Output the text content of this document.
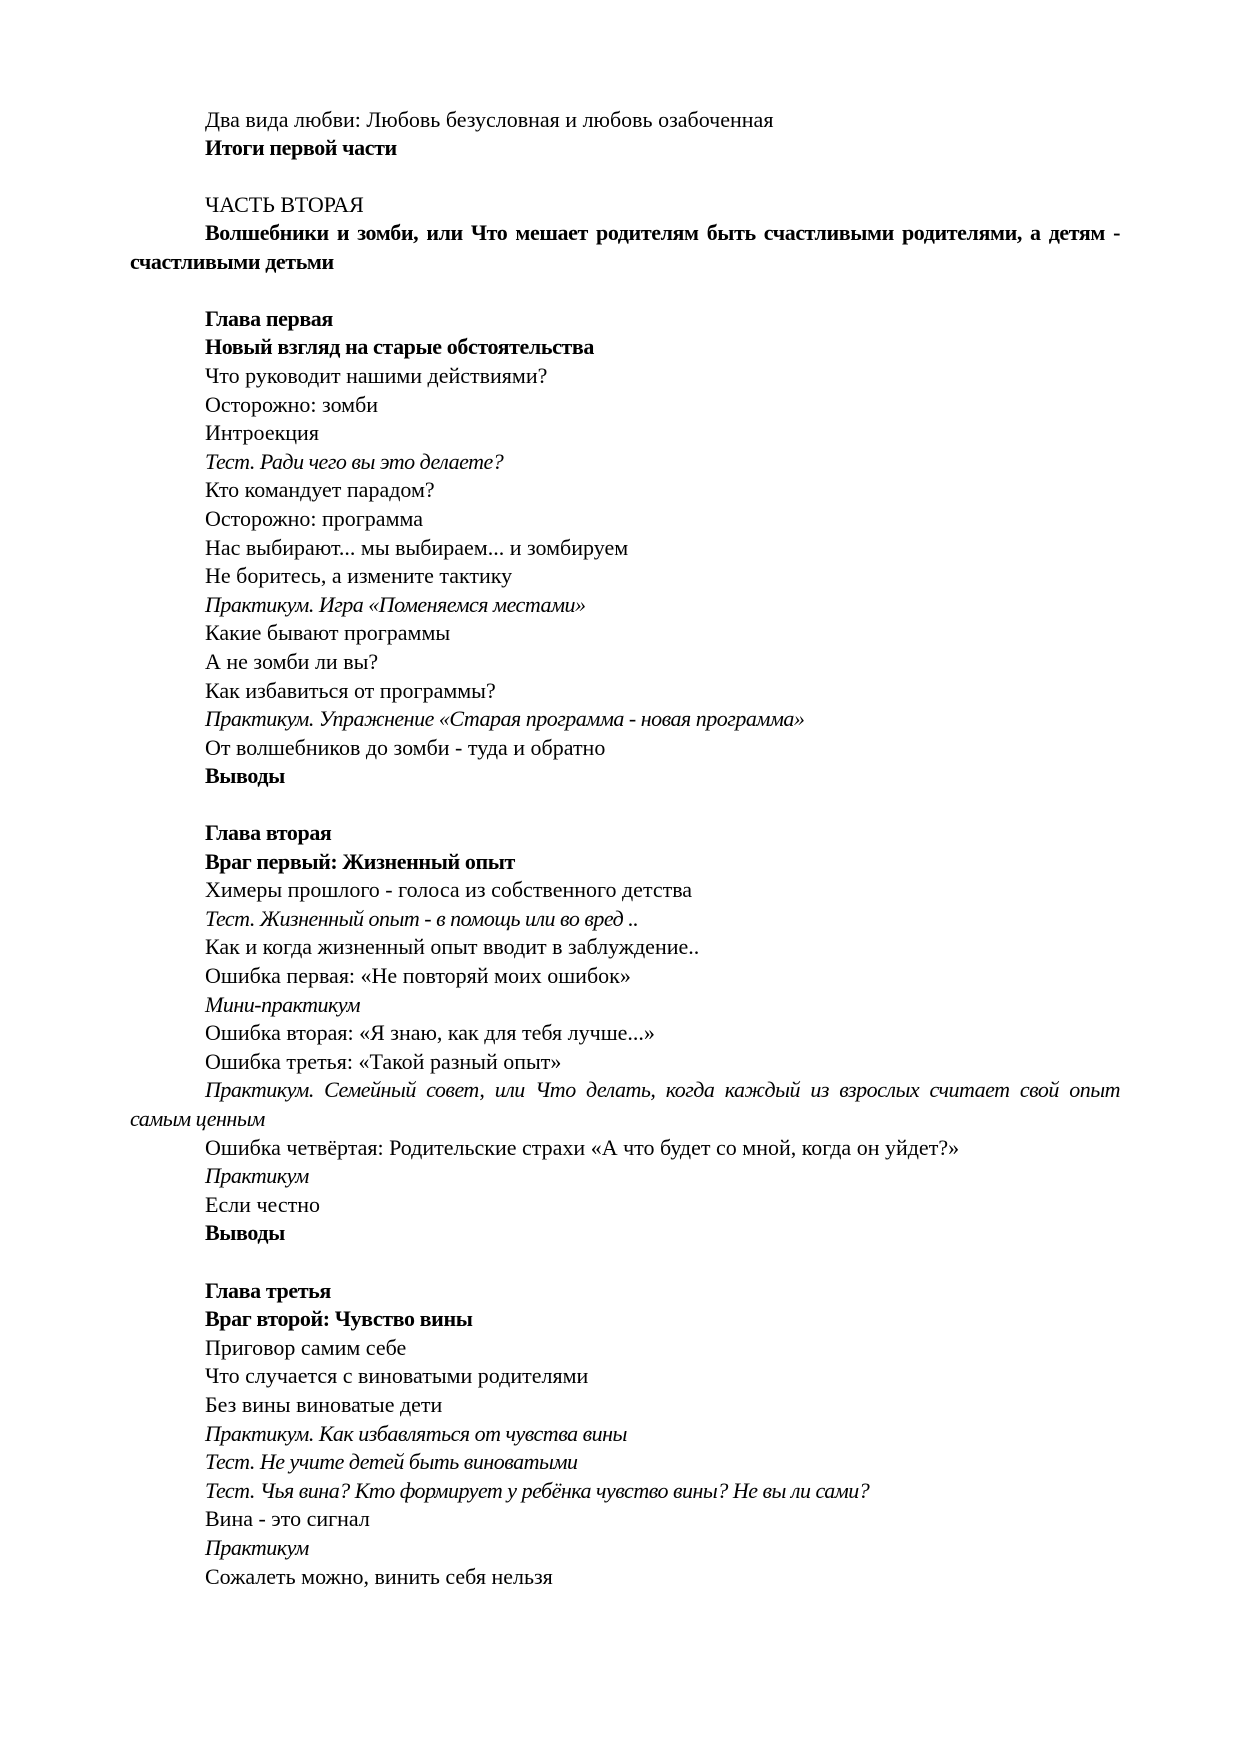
Два вида любви: Любовь безусловная и любовь озабоченная

Итоги первой части

ЧАСТЬ ВТОРАЯ

Волшебники и зомби, или Что мешает родителям быть счастливыми родителями, а детям - счастливыми детьми

Глава первая

Новый взгляд на старые обстоятельства

Что руководит нашими действиями?

Осторожно: зомби

Интроекция

Тест. Ради чего вы это делаете?

Кто командует парадом?

Осторожно: программа

Нас выбирают... мы выбираем... и зомбируем

Не боритесь, а измените тактику

Практикум. Игра «Поменяемся местами»

Какие бывают программы

А не зомби ли вы?

Как избавиться от программы?

Практикум. Упражнение «Старая программа - новая программа»

От волшебников до зомби - туда и обратно

Выводы

Глава вторая

Враг первый: Жизненный опыт

Химеры прошлого - голоса из собственного детства

Тест. Жизненный опыт - в помощь или во вред ..

Как и когда жизненный опыт вводит в заблуждение..

Ошибка первая: «Не повторяй моих ошибок»

Мини-практикум

Ошибка вторая: «Я знаю, как для тебя лучше...»

Ошибка третья: «Такой разный опыт»

Практикум. Семейный совет, или Что делать, когда каждый из взрослых считает свой опыт самым ценным

Ошибка четвёртая: Родительские страхи «А что будет со мной, когда он уйдет?»

Практикум

Если честно

Выводы

Глава третья

Враг второй: Чувство вины

Приговор самим себе

Что случается с виноватыми родителями

Без вины виноватые дети

Практикум. Как избавляться от чувства вины

Тест. Не учите детей быть виноватыми

Тест. Чья вина? Кто формирует у ребёнка чувство вины? Не вы ли сами?

Вина - это сигнал

Практикум

Сожалеть можно, винить себя нельзя
